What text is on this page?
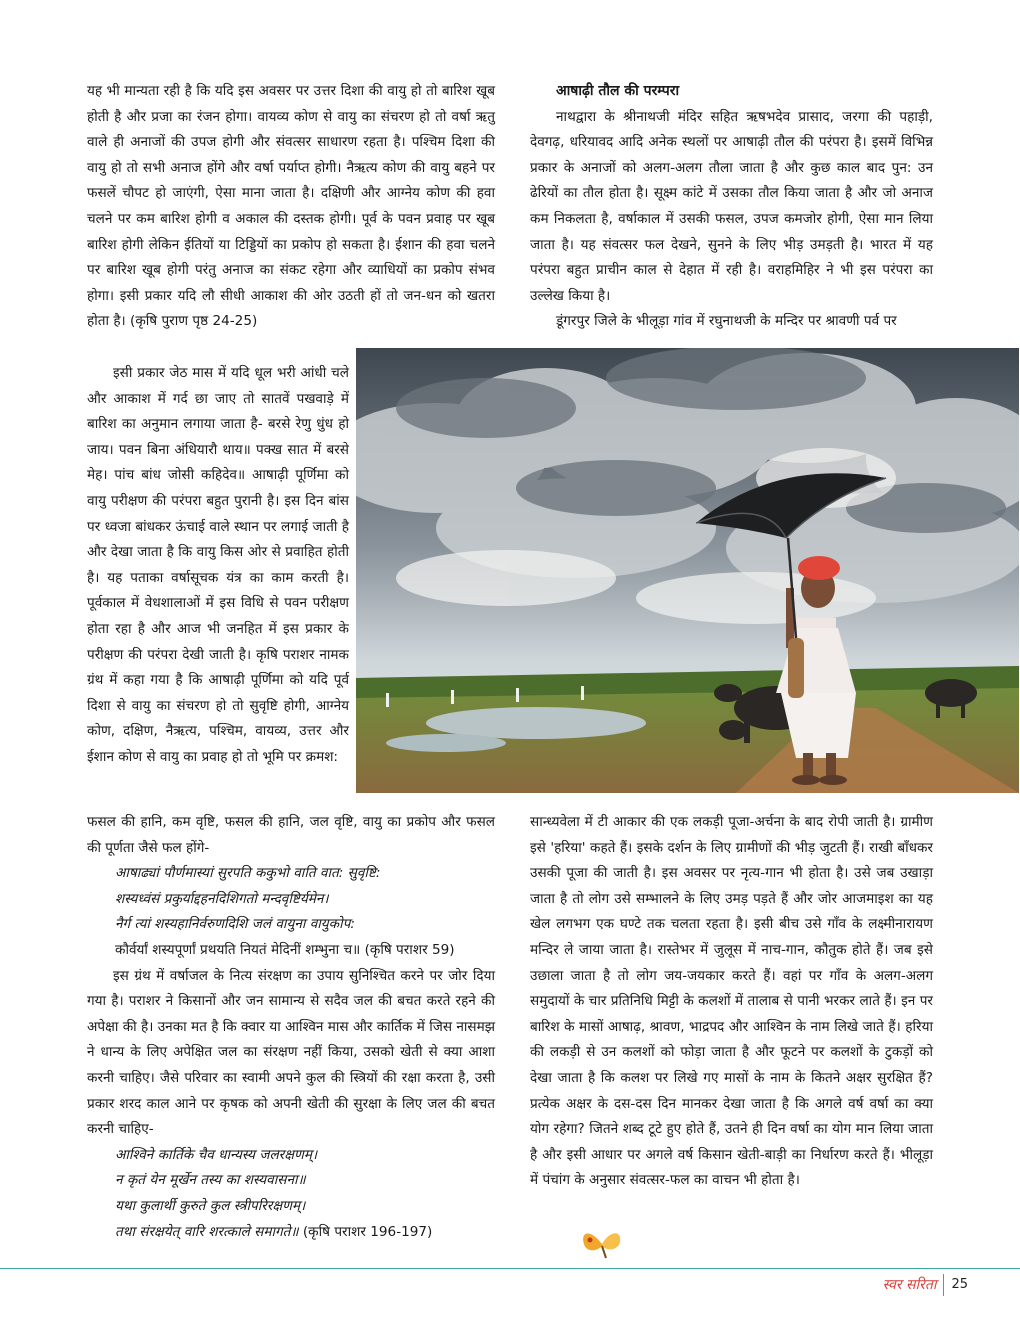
यह भी मान्यता रही है कि यदि इस अवसर पर उत्तर दिशा की वायु हो तो बारिश खूब होती है और प्रजा का रंजन होगा। वायव्य कोण से वायु का संचरण हो तो वर्षा ऋतु वाले ही अनाजों की उपज होगी और संवत्सर साधारण रहता है। पश्चिम दिशा की वायु हो तो सभी अनाज होंगे और वर्षा पर्याप्त होगी। नैऋत्य कोण की वायु बहने पर फसलें चौपट हो जाएंगी, ऐसा माना जाता है। दक्षिणी और आग्नेय कोण की हवा चलने पर कम बारिश होगी व अकाल की दस्तक होगी। पूर्व के पवन प्रवाह पर खूब बारिश होगी लेकिन ईतियों या टिड्डियों का प्रकोप हो सकता है। ईशान की हवा चलने पर बारिश खूब होगी परंतु अनाज का संकट रहेगा और व्याधियों का प्रकोप संभव होगा। इसी प्रकार यदि लौ सीधी आकाश की ओर उठती हों तो जन-धन को खतरा होता है। (कृषि पुराण पृष्ठ 24-25)

इसी प्रकार जेठ मास में यदि धूल भरी आंधी चले और आकाश में गर्द छा जाए तो सातवें पखवाड़े में बारिश का अनुमान लगाया जाता है- बरसे रेणु धुंध हो जाय। पवन बिना अंधियारौ थाय॥ पक्ख सात में बरसे मेह। पांच बांध जोसी कहिदेव॥ आषाढ़ी पूर्णिमा को वायु परीक्षण की परंपरा बहुत पुरानी है। इस दिन बांस पर ध्वजा बांधकर ऊंचाई वाले स्थान पर लगाई जाती है और देखा जाता है कि वायु किस ओर से प्रवाहित होती है। यह पताका वर्षासूचक यंत्र का काम करती है। पूर्वकाल में वेधशालाओं में इस विधि से पवन परीक्षण होता रहा है और आज भी जनहित में इस प्रकार के परीक्षण की परंपरा देखी जाती है। कृषि पराशर नामक ग्रंथ में कहा गया है कि आषाढ़ी पूर्णिमा को यदि पूर्व दिशा से वायु का संचरण हो तो सुवृष्टि होगी, आग्नेय कोण, दक्षिण, नैऋत्य, पश्चिम, वायव्य, उत्तर और ईशान कोण से वायु का प्रवाह हो तो भूमि पर क्रमश:

फसल की हानि, कम वृष्टि, फसल की हानि, जल वृष्टि, वायु का प्रकोप और फसल की पूर्णता जैसे फल होंगे-

आषाढ्यां पौर्णमास्यां सुरपति ककुभो वाति वात: सुवृष्टि:

शस्यध्वंसं प्रकुर्याद्दहनदिशिगतो मन्दवृष्टिर्यमेन।

नैर्ग त्यां शस्यहानिर्वरुणदिशि जलं वायुना वायुकोप:

कौर्वर्यां शस्यपूर्णां प्रथयति नियतं मेदिनीं शम्भुना च॥ (कृषि पराशर 59)

इस ग्रंथ में वर्षाजल के नित्य संरक्षण का उपाय सुनिश्चित करने पर जोर दिया गया है। पराशर ने किसानों और जन सामान्य से सदैव जल की बचत करते रहने की अपेक्षा की है। उनका मत है कि क्वार या आश्विन मास और कार्तिक में जिस नासमझ ने धान्य के लिए अपेक्षित जल का संरक्षण नहीं किया, उसको खेती से क्या आशा करनी चाहिए। जैसे परिवार का स्वामी अपने कुल की स्त्रियों की रक्षा करता है, उसी प्रकार शरद काल आने पर कृषक को अपनी खेती की सुरक्षा के लिए जल की बचत करनी चाहिए-

आश्विने कार्तिके चैव धान्यस्य जलरक्षणम्।

न कृतं येन मूर्खेन तस्य का शस्यवासना॥

यथा कुलार्थी कुरुते कुल स्त्रीपरिरक्षणम्।

तथा संरक्षयेत् वारि शरत्काले समागते॥ (कृषि पराशर 196-197)

आषाढ़ी तौल की परम्परा

नाथद्वारा के श्रीनाथजी मंदिर सहित ऋषभदेव प्रासाद, जरगा की पहाड़ी, देवगढ़, धरियावद आदि अनेक स्थलों पर आषाढ़ी तौल की परंपरा है। इसमें विभिन्न प्रकार के अनाजों को अलग-अलग तौला जाता है और कुछ काल बाद पुन: उन ढेरियों का तौल होता है। सूक्ष्म कांटे में उसका तौल किया जाता है और जो अनाज कम निकलता है, वर्षाकाल में उसकी फसल, उपज कमजोर होगी, ऐसा मान लिया जाता है। यह संवत्सर फल देखने, सुनने के लिए भीड़ उमड़ती है। भारत में यह परंपरा बहुत प्राचीन काल से देहात में रही है। वराहमिहिर ने भी इस परंपरा का उल्लेख किया है।

डूंगरपुर जिले के भीलूड़ा गांव में रघुनाथजी के मन्दिर पर श्रावणी पर्व पर

सान्ध्यवेला में टी आकार की एक लकड़ी पूजा-अर्चना के बाद रोपी जाती है। ग्रामीण इसे 'हरिया' कहते हैं। इसके दर्शन के लिए ग्रामीणों की भीड़ जुटती हैं। राखी बाँधकर उसकी पूजा की जाती है। इस अवसर पर नृत्य-गान भी होता है। उसे जब उखाड़ा जाता है तो लोग उसे सम्भालने के लिए उमड़ पड़ते हैं और जोर आजमाइश का यह खेल लगभग एक घण्टे तक चलता रहता है। इसी बीच उसे गाँव के लक्ष्मीनारायण मन्दिर ले जाया जाता है। रास्तेभर में जुलूस में नाच-गान, कौतुक होते हैं। जब इसे उछाला जाता है तो लोग जय-जयकार करते हैं। वहां पर गाँव के अलग-अलग समुदायों के चार प्रतिनिधि मिट्टी के कलशों में तालाब से पानी भरकर लाते हैं। इन पर बारिश के मासों आषाढ़, श्रावण, भाद्रपद और आश्विन के नाम लिखे जाते हैं। हरिया की लकड़ी से उन कलशों को फोड़ा जाता है और फूटने पर कलशों के टुकड़ों को देखा जाता है कि कलश पर लिखे गए मासों के नाम के कितने अक्षर सुरक्षित हैं? प्रत्येक अक्षर के दस-दस दिन मानकर देखा जाता है कि अगले वर्ष वर्षा का क्या योग रहेगा? जितने शब्द टूटे हुए होते हैं, उतने ही दिन वर्षा का योग मान लिया जाता है और इसी आधार पर अगले वर्ष किसान खेती-बाड़ी का निर्धारण करते हैं। भीलूड़ा में पंचांग के अनुसार संवत्सर-फल का वाचन भी होता है।

स्वर सरिता 25
